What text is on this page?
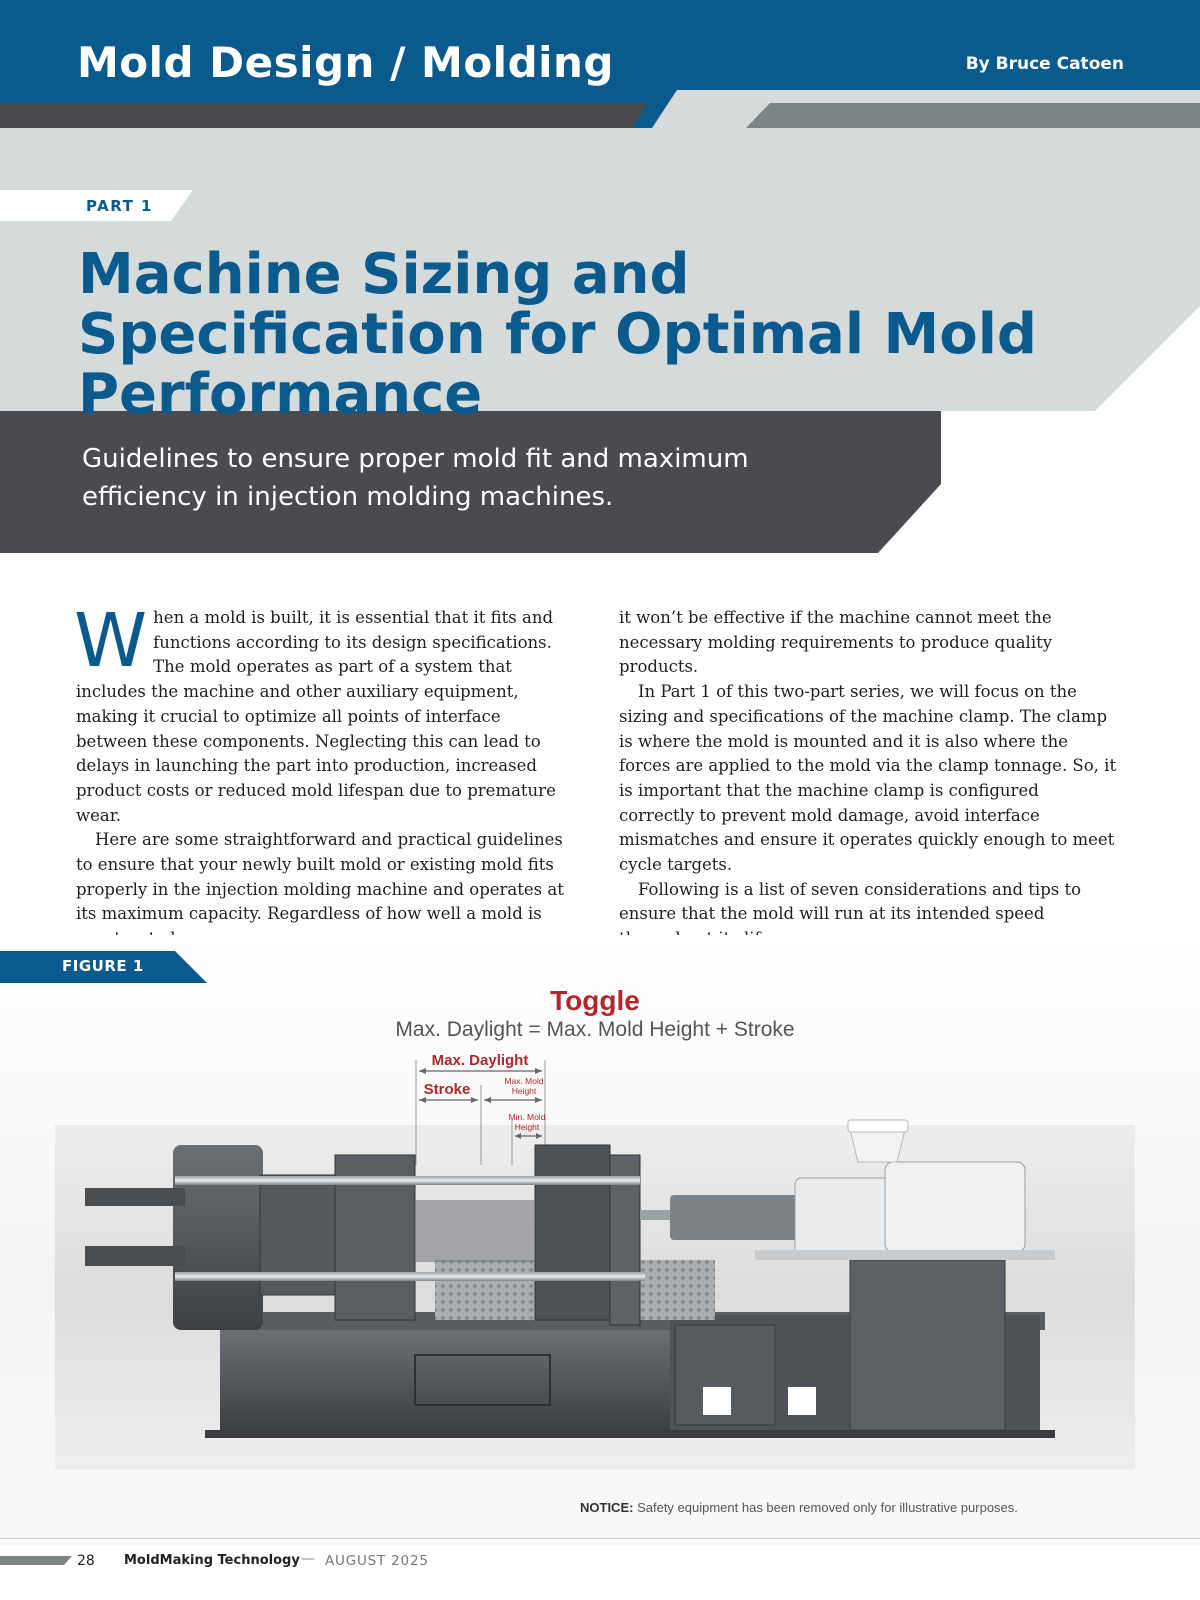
Mold Design / Molding	By Bruce Catoen
PART 1
Machine Sizing and Specification for Optimal Mold Performance
Guidelines to ensure proper mold fit and maximum efficiency in injection molding machines.

When a mold is built, it is essential that it fits and functions according to its design specifications. The mold operates as part of a system that includes the machine and other auxiliary equipment, making it crucial to optimize all points of interface between these components. Neglecting this can lead to delays in launching the part into production, increased product costs or reduced mold lifespan due to premature wear.

Here are some straightforward and practical guidelines to ensure that your newly built mold or existing mold fits properly in the injection molding machine and operates at its maximum capacity. Regardless of how well a mold is

it won’t be effective if the machine cannot meet the necessary molding requirements to produce quality products.

In Part 1 of this two-part series, we will focus on the sizing and specifications of the machine clamp. The clamp is where the mold is mounted and it is also where the forces are applied to the mold via the clamp tonnage. So, it is important that the machine clamp is configured correctly to prevent mold damage, avoid interface mismatches and ensure it operates quickly enough to meet cycle targets.

Following is a list of seven considerations and tips to ensure that the mold will run at its intended speed

FIGURE 1
Toggle
Max. Daylight = Max. Mold Height + Stroke
Max. Daylight
Stroke	Max. Mold
Height
Min. Mold
Height
NOTICE: Safety equipment has been removed only for illustrative purposes.
28 MoldMaking Technology — AUGUST 2025
